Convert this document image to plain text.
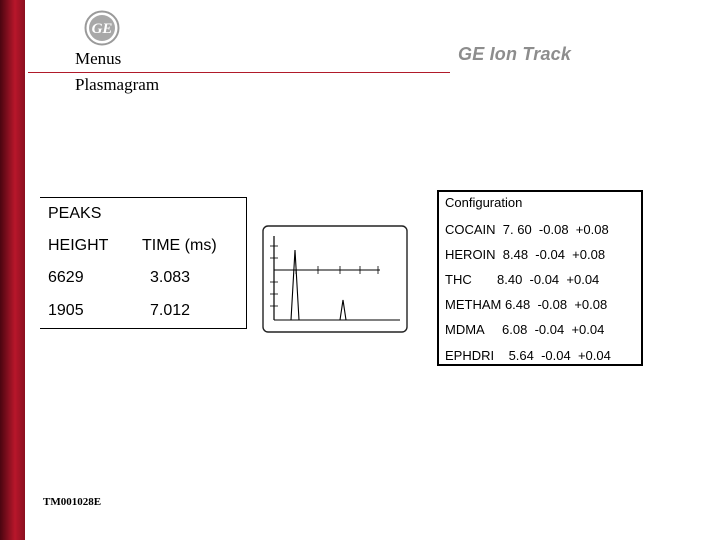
GE
Menus
Plasmagram
GE Ion Track
PEAKS
HEIGHT TIME (ms)
6629	3.083
1905	7.012
Configuration
COCAIN  7. 60  -0.08  +0.08
HEROIN  8.48  -0.04  +0.08
THC       8.40  -0.04  +0.04
METHAM 6.48  -0.08  +0.08
MDMA     6.08  -0.04  +0.04
EPHDRI    5.64  -0.04  +0.04
TM001028E
